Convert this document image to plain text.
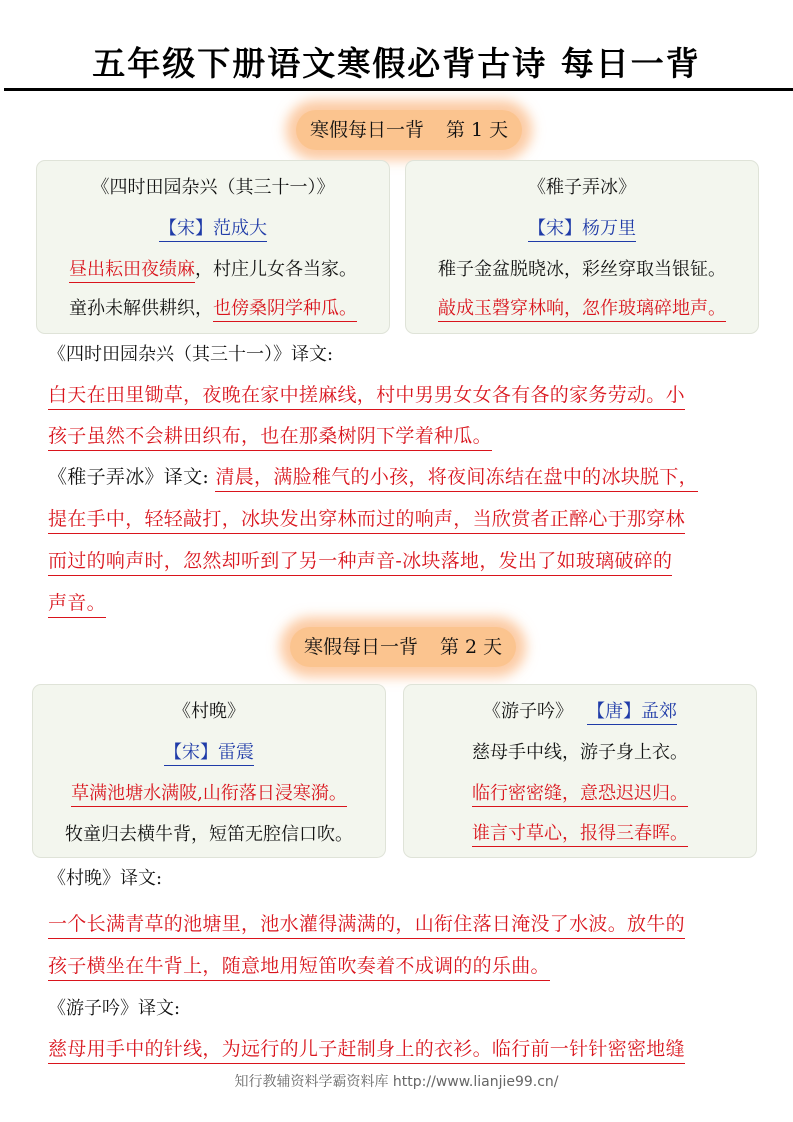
五年级下册语文寒假必背古诗 每日一背
寒假每日一背 第 1 天
《四时田园杂兴（其三十一）》
【宋】范成大
昼出耘田夜绩麻，村庄儿女各当家。
童孙未解供耕织，也傍桑阴学种瓜。
《稚子弄冰》
【宋】杨万里
稚子金盆脱晓冰，彩丝穿取当银钲。
敲成玉磬穿林响，忽作玻璃碎地声。
《四时田园杂兴（其三十一）》译文:
白天在田里锄草，夜晚在家中搓麻线，村中男男女女各有各的家务劳动。小
孩子虽然不会耕田织布，也在那桑树阴下学着种瓜。
《稚子弄冰》译文: 清晨，满脸稚气的小孩，将夜间冻结在盘中的冰块脱下，
提在手中，轻轻敲打，冰块发出穿林而过的响声，当欣赏者正醉心于那穿林
而过的响声时，忽然却听到了另一种声音-冰块落地，发出了如玻璃破碎的
声音。
寒假每日一背 第 2 天
《村晚》
【宋】雷震
草满池塘水满陂,山衔落日浸寒漪。
牧童归去横牛背，短笛无腔信口吹。
《游子吟》 【唐】孟郊
慈母手中线，游子身上衣。
临行密密缝，意恐迟迟归。
谁言寸草心，报得三春晖。
《村晚》译文:
一个长满青草的池塘里，池水灌得满满的，山衔住落日淹没了水波。放牛的
孩子横坐在牛背上，随意地用短笛吹奏着不成调的的乐曲。
《游子吟》译文:
慈母用手中的针线，为远行的儿子赶制身上的衣衫。临行前一针针密密地缝
知行教辅资料学霸资料库 http://www.lianjie99.cn/
